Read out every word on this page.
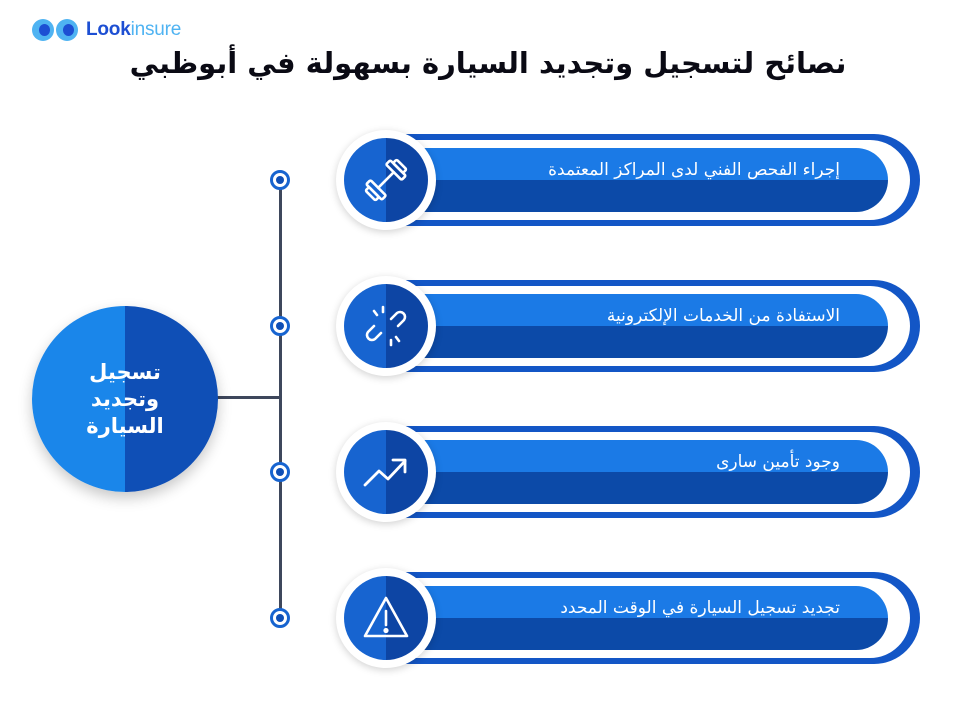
Lookinsure
نصائح لتسجيل وتجديد السيارة بسهولة في أبوظبي
تسجيل وتجديد السيارة
إجراء الفحص الفني لدى المراكز المعتمدة
الاستفادة من الخدمات الإلكترونية
وجود تأمين سارى
تجديد تسجيل السيارة في الوقت المحدد
